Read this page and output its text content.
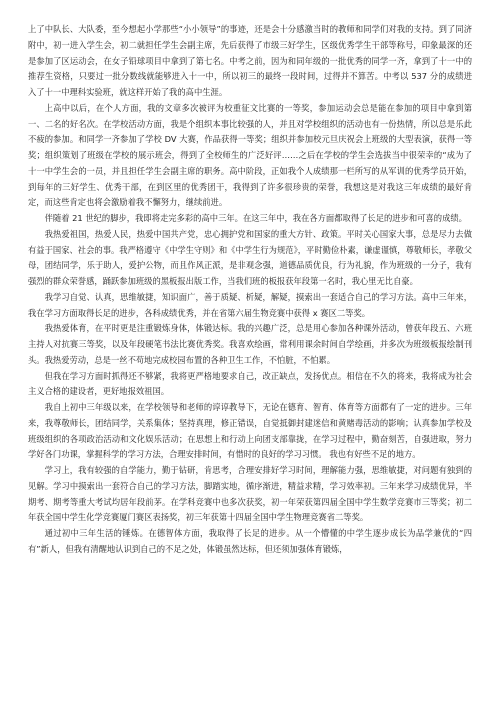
上了中队长、大队委，至今想起小学那些“小小领导”的事迹，还是会十分感激当时的教师和同学们对我的支持。到了同济附中，初一进入学生会，初二就担任学生会副主席，先后获得了市级三好学生，区级优秀学生干部等称号，印象最深的还是参加了区运动会，在女子铅球项目中拿到了第七名。中考之前，因为和同年级的一批优秀的同学一齐，拿到了十一中的推荐生资格，只要过一批分数线就能够进入十一中，所以初三的最终一段时间，过得并不算苦。中考以 537 分的成绩进入了十一中理科实验班，就这样开始了我的高中生涯。

上高中以后，在个人方面，我的文章多次被评为校重征文比赛的一等奖，参加运动会总是能在参加的项目中拿到第一、二名的好名次。在学校活动方面，我是个组织本事比较强的人，并且对学校组织的活动也有一份热情，所以总是乐此不疲的参加。和同学一齐参加了学校 DV 大赛，作品获得一等奖；组织并参加校元旦庆祝会上班级的大型表演，获得一等奖；组织策划了班级在学校的展示班会，得到了全校师生的广泛好评……之后在学校的学生会选拔当中很荣幸的“成为了十一中学生会的一员，并且担任学生会副主席的职务。高中阶段，正如我个人成绩那一栏所写的从军训的优秀学员开始，到每年的三好学生、优秀干部，在到区里的优秀团干，我得到了许多很珍贵的荣誉，我想这是对我这三年成绩的最好肯定，而这些肯定也将会激励着我不懈努力，继续前进。

伴随着 21 世纪的脚步，我即将走完多彩的高中三年。在这三年中，我在各方面都取得了长足的进步和可喜的成绩。

我热爱祖国，热爱人民，热爱中国共产党，忠心拥护党和国家的重大方针、政策。平时关心国家大事，总是尽力去做有益于国家、社会的事。我严格遵守《中学生守则》和《中学生行为规范》，平时勤俭朴素，谦虚谨慎，尊敬师长，孝敬父母，团结同学，乐于助人，爱护公物，而且作风正派，是非观念强，道德品质优良，行为礼貌，作为班级的一分子，我有强烈的群众荣誉感，踊跃参加班级的黑板报出版工作，当我们班的板报获年段第一名时，我心里无比自豪。

我学习自觉、认真，思维敏捷，知识面广，善于质疑、析疑，解疑，摸索出一套适合自己的学习方法。高中三年来，我在学习方面取得长足的进步，各科成绩优秀，并在省第六届生物竞赛中获得 x 赛区二等奖。

我热爱体育，在平时更是注重锻炼身体，体锻达标。我的兴趣广泛，总是用心参加各种课外活动，曾获年段五、六班主持人对抗赛三等奖，以及年段硬笔书法比赛优秀奖。我喜欢绘画，常利用课余时间自学绘画，并多次为班级板报绘制刊头。我热爱劳动，总是一丝不苟地完成校园布置的各种卫生工作，不怕脏，不怕累。

但我在学习方面时抓得还不够紧，我将更严格地要求自己，改正缺点，发扬优点。相信在不久的将来，我将成为社会主义合格的建设者，更好地报效祖国。

我自上初中三年级以来，在学校领导和老师的谆谆教导下，无论在德育、智育、体育等方面都有了一定的进步。三年来，我尊敬师长，团结同学，关系集体；坚持真理，修正错误，自觉抵御封建迷信和黄赌毒活动的影响；认真参加学校及班级组织的各项政治活动和文化娱乐活动；在思想上和行动上向团支部靠拢，在学习过程中，勤奋刻苦，自强进取，努力学好各门功课，掌握科学的学习方法，合理安排时间，有惜时的良好的学习习惯。 我也有好些不足的地方。

学习上，我有较强的自学能力，勤于钻研，肯思考，合理安排好学习时间，理解能力强，思维敏捷，对问题有独到的见解。学习中摸索出一套符合自己的学习方法，脚踏实地，循序渐进，精益求精，学习效率初。三年来学习成绩优异，半期考、期考等重大考试均居年段前茅。在学科竞赛中也多次获奖，初一年荣获第四届全国中学生数学竞赛市三等奖；初二年获全国中学生化学竞赛厦门赛区表扬奖，初三年获第十四届全国中学生物理竞赛省二等奖。

通过初中三年生活的锤炼。在德智体方面，我取得了长足的进步。从一个懵懂的中学生逐步成长为品学兼优的“四有”新人，但我有清醒地认识到自己的不足之处，体锻虽然达标，但还须加强体育锻炼，
